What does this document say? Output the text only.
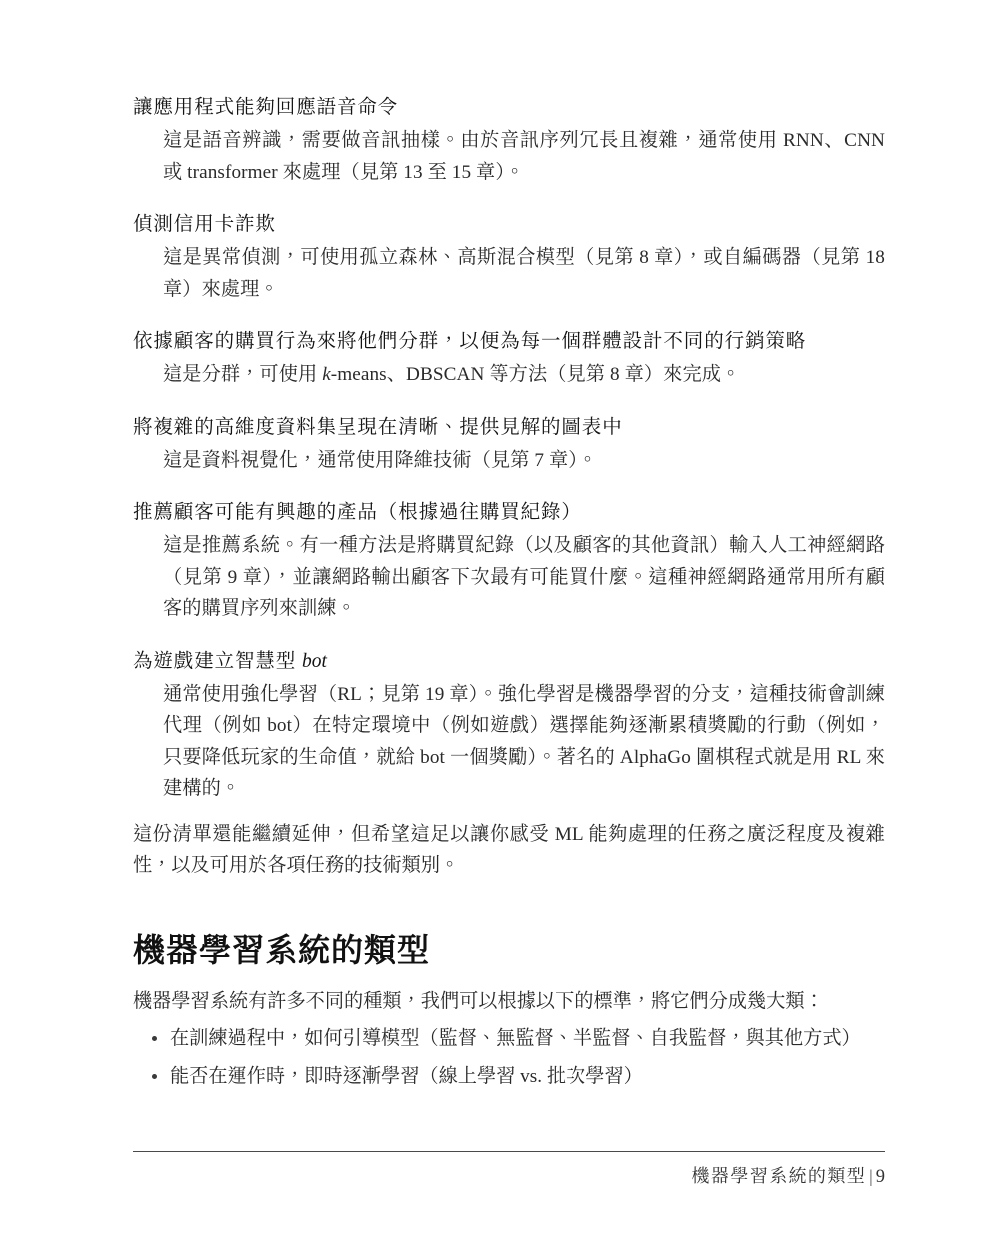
讓應用程式能夠回應語音命令
這是語音辨識，需要做音訊抽樣。由於音訊序列冗長且複雜，通常使用 RNN、CNN 或 transformer 來處理（見第 13 至 15 章）。
偵測信用卡詐欺
這是異常偵測，可使用孤立森林、高斯混合模型（見第 8 章），或自編碼器（見第 18 章）來處理。
依據顧客的購買行為來將他們分群，以便為每一個群體設計不同的行銷策略
這是分群，可使用 k-means、DBSCAN 等方法（見第 8 章）來完成。
將複雜的高維度資料集呈現在清晰、提供見解的圖表中
這是資料視覺化，通常使用降維技術（見第 7 章）。
推薦顧客可能有興趣的產品（根據過往購買紀錄）
這是推薦系統。有一種方法是將購買紀錄（以及顧客的其他資訊）輸入人工神經網路（見第 9 章），並讓網路輸出顧客下次最有可能買什麼。這種神經網路通常用所有顧客的購買序列來訓練。
為遊戲建立智慧型 bot
通常使用強化學習（RL；見第 19 章）。強化學習是機器學習的分支，這種技術會訓練代理（例如 bot）在特定環境中（例如遊戲）選擇能夠逐漸累積獎勵的行動（例如，只要降低玩家的生命值，就給 bot 一個獎勵）。著名的 AlphaGo 圍棋程式就是用 RL 來建構的。

這份清單還能繼續延伸，但希望這足以讓你感受 ML 能夠處理的任務之廣泛程度及複雜性，以及可用於各項任務的技術類別。

機器學習系統的類型

機器學習系統有許多不同的種類，我們可以根據以下的標準，將它們分成幾大類：

在訓練過程中，如何引導模型（監督、無監督、半監督、自我監督，與其他方式）
能否在運作時，即時逐漸學習（線上學習 vs. 批次學習）
機器學習系統的類型 | 9
